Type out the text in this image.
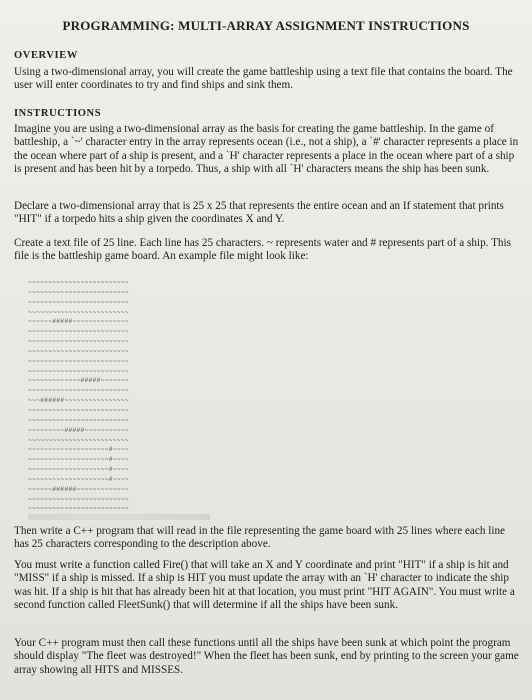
PROGRAMMING: MULTI-ARRAY ASSIGNMENT INSTRUCTIONS
OVERVIEW

Using a two-dimensional array, you will create the game battleship using a text file that contains the board. The user will enter coordinates to try and find ships and sink them.

INSTRUCTIONS

Imagine you are using a two-dimensional array as the basis for creating the game battleship. In the game of battleship, a `~' character entry in the array represents ocean (i.e., not a ship), a `#' character represents a place in the ocean where part of a ship is present, and a `H' character represents a place in the ocean where part of a ship is present and has been hit by a torpedo. Thus, a ship with all `H' characters means the ship has been sunk.

Declare a two-dimensional array that is 25 x 25 that represents the entire ocean and an If statement that prints "HIT" if a torpedo hits a ship given the coordinates X and Y.

Create a text file of 25 line. Each line has 25 characters. ~ represents water and # represents part of a ship. This file is the battleship game board. An example file might look like:

~~~~~~~~~~~~~~~~~~~~~~~~~
~~~~~~~~~~~~~~~~~~~~~~~~~
~~~~~~~~~~~~~~~~~~~~~~~~~
~~~~~~~~~~~~~~~~~~~~~~~~~
~~~~~~#####~~~~~~~~~~~~~~
~~~~~~~~~~~~~~~~~~~~~~~~~
~~~~~~~~~~~~~~~~~~~~~~~~~
~~~~~~~~~~~~~~~~~~~~~~~~~
~~~~~~~~~~~~~~~~~~~~~~~~~
~~~~~~~~~~~~~~~~~~~~~~~~~
~~~~~~~~~~~~~#####~~~~~~~
~~~~~~~~~~~~~~~~~~~~~~~~~
~~~######~~~~~~~~~~~~~~~~
~~~~~~~~~~~~~~~~~~~~~~~~~
~~~~~~~~~~~~~~~~~~~~~~~~~
~~~~~~~~~#####~~~~~~~~~~~
~~~~~~~~~~~~~~~~~~~~~~~~~
~~~~~~~~~~~~~~~~~~~~#~~~~
~~~~~~~~~~~~~~~~~~~~#~~~~
~~~~~~~~~~~~~~~~~~~~#~~~~
~~~~~~~~~~~~~~~~~~~~#~~~~
~~~~~~######~~~~~~~~~~~~~
~~~~~~~~~~~~~~~~~~~~~~~~~
~~~~~~~~~~~~~~~~~~~~~~~~~

Then write a C++ program that will read in the file representing the game board with 25 lines where each line has 25 characters corresponding to the description above.

You must write a function called Fire() that will take an X and Y coordinate and print "HIT" if a ship is hit and "MISS" if a ship is missed. If a ship is HIT you must update the array with an `H' character to indicate the ship was hit. If a ship is hit that has already been hit at that location, you must print "HIT AGAIN". You must write a second function called FleetSunk() that will determine if all the ships have been sunk.

Your C++ program must then call these functions until all the ships have been sunk at which point the program should display "The fleet was destroyed!" When the fleet has been sunk, end by printing to the screen your game array showing all HITS and MISSES.
